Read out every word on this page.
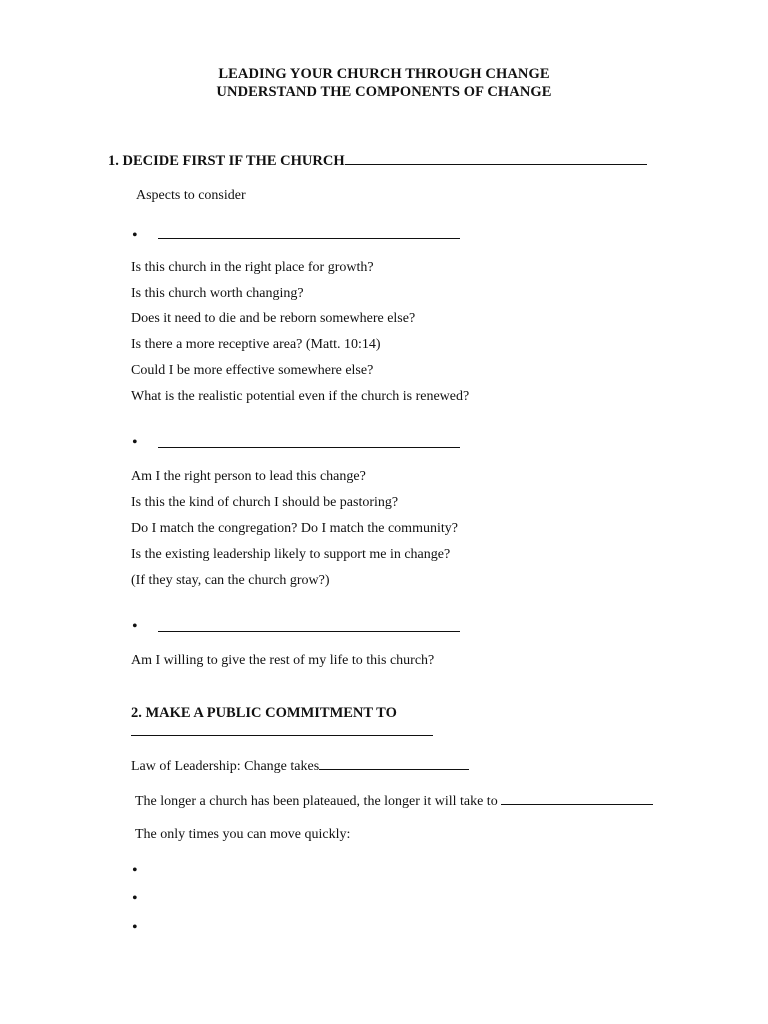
LEADING YOUR CHURCH THROUGH CHANGE
UNDERSTAND THE COMPONENTS OF CHANGE
1. DECIDE FIRST IF THE CHURCH
Aspects to consider
•
Is this church in the right place for growth?
Is this church worth changing?
Does it need to die and be reborn somewhere else?
Is there a more receptive area? (Matt. 10:14)
Could I be more effective somewhere else?
What is the realistic potential even if the church is renewed?
•
Am I the right person to lead this change?
Is this the kind of church I should be pastoring?
Do I match the congregation? Do I match the community?
Is the existing leadership likely to support me in change?
(If they stay, can the church grow?)
•
Am I willing to give the rest of my life to this church?
2. MAKE A PUBLIC COMMITMENT TO
Law of Leadership: Change takes
The longer a church has been plateaued, the longer it will take to
The only times you can move quickly:
•
•
•
